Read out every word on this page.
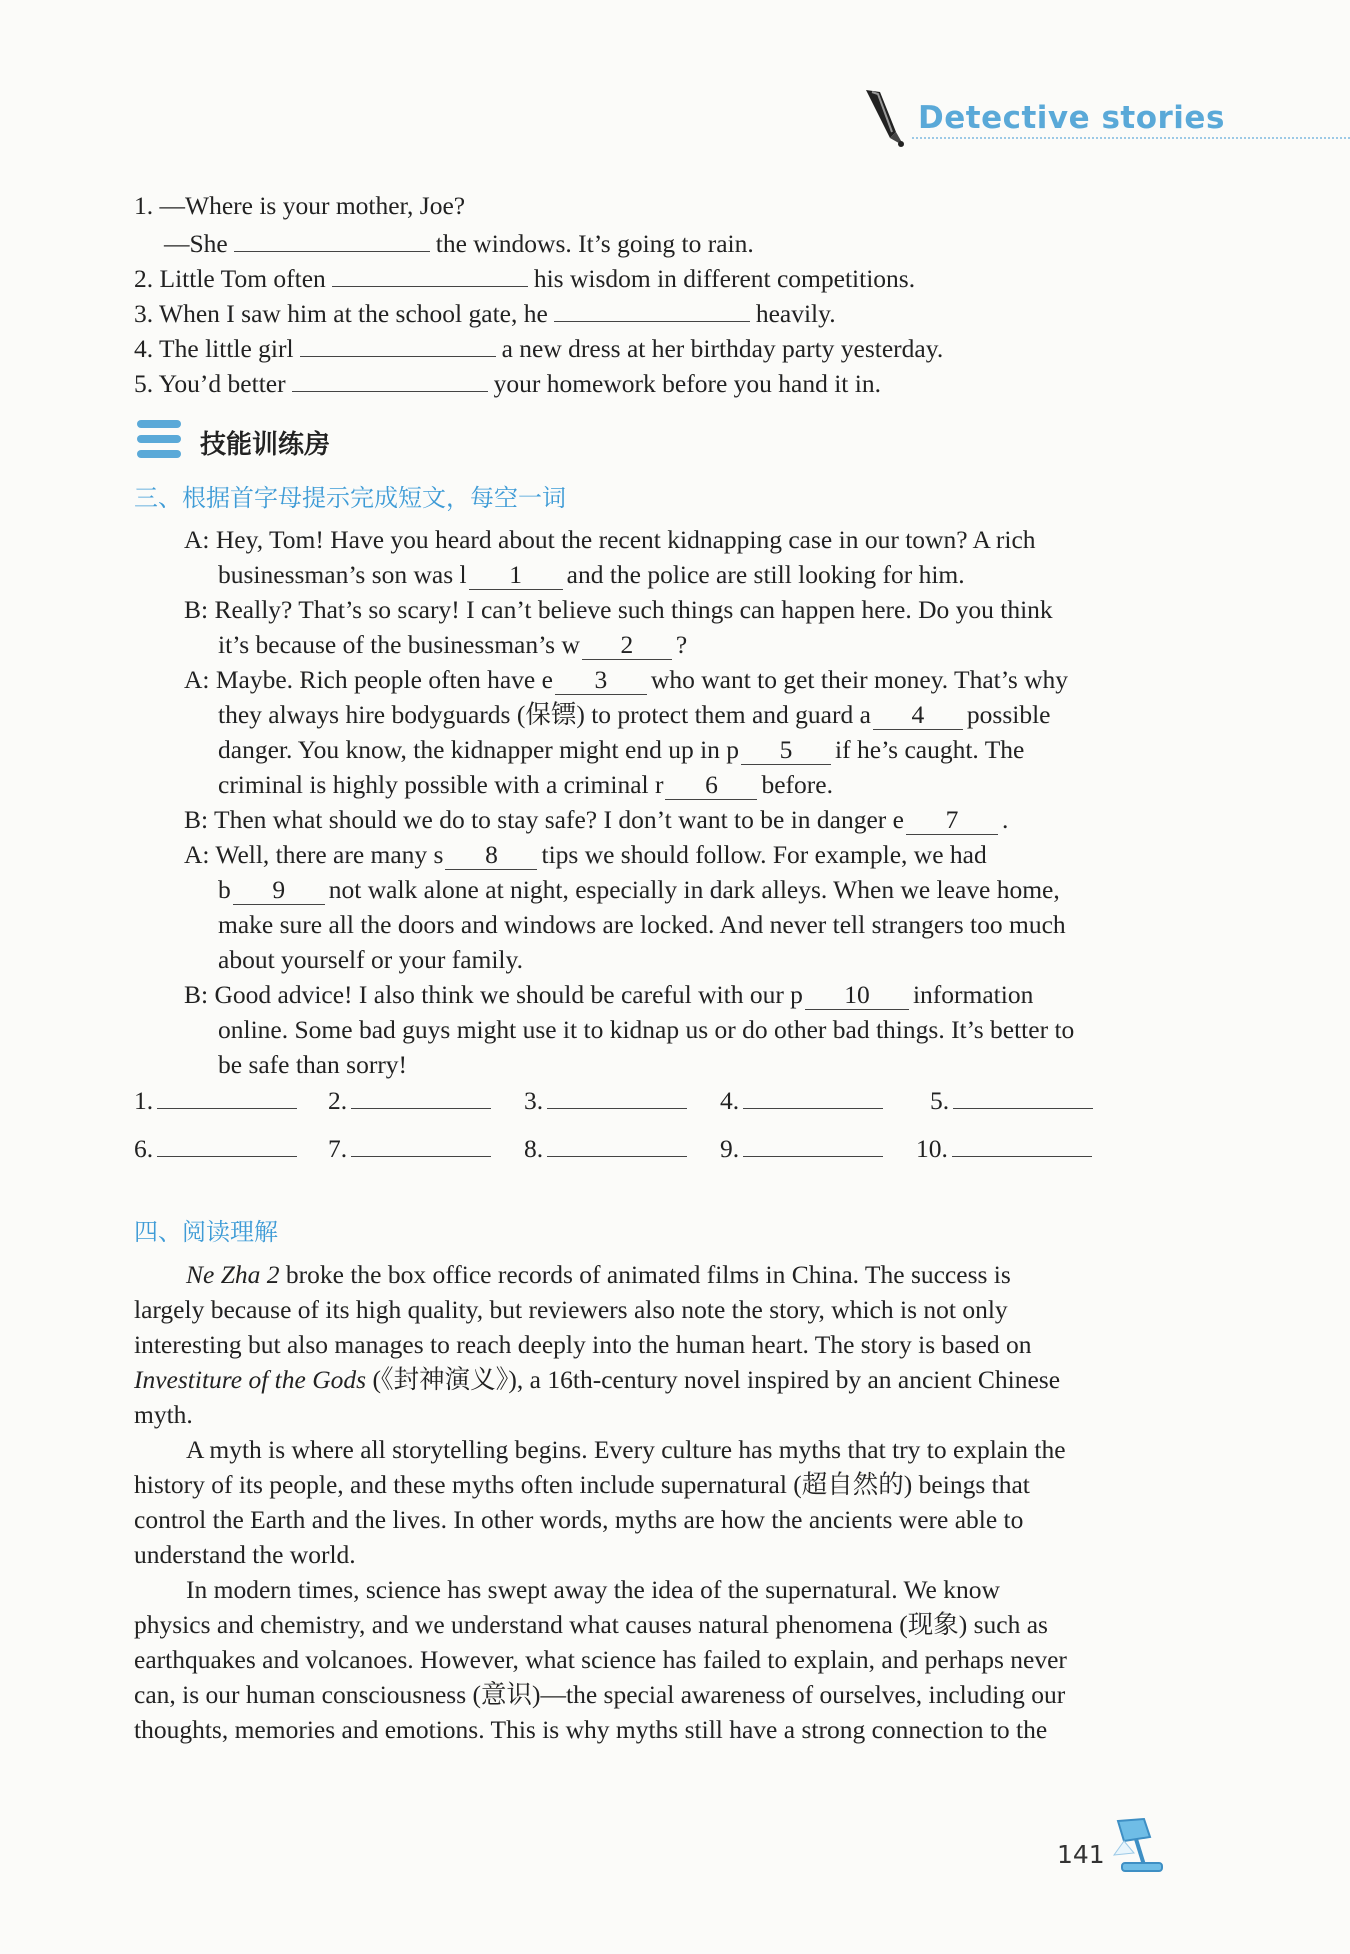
Detective stories
1. —Where is your mother, Joe?
—She	the windows. It’s going to rain.
2. Little Tom often	his wisdom in different competitions.
3. When I saw him at the school gate, he	heavily.
4. The little girl	a new dress at her birthday party yesterday.
5. You’d better	your homework before you hand it in.
技能训练房
三、根据首字母提示完成短文，每空一词

A: Hey, Tom! Have you heard about the recent kidnapping case in our town? A rich

businessman’s son was l 1 and the police are still looking for him.

B: Really? That’s so scary! I can’t believe such things can happen here. Do you think

it’s because of the businessman’s w 2 ?

A: Maybe. Rich people often have e 3 who want to get their money. That’s why

they always hire bodyguards (保镖) to protect them and guard a 4 possible

danger. You know, the kidnapper might end up in p 5 if he’s caught. The

criminal is highly possible with a criminal r 6 before.

B: Then what should we do to stay safe? I don’t want to be in danger e 7 .

A: Well, there are many s 8 tips we should follow. For example, we had

b 9 not walk alone at night, especially in dark alleys. When we leave home,

make sure all the doors and windows are locked. And never tell strangers too much

about yourself or your family.

B: Good advice! I also think we should be careful with our p 10 information

online. Some bad guys might use it to kidnap us or do other bad things. It’s better to

be safe than sorry!

1.	2.	3.	4.	5.
6.	7.	8.	9.	10.
四、阅读理解
Ne Zha 2 broke the box office records of animated films in China. The success is
largely because of its high quality, but reviewers also note the story, which is not only
interesting but also manages to reach deeply into the human heart. The story is based on
Investiture of the Gods (《封神演义》), a 16th-century novel inspired by an ancient Chinese
myth.
A myth is where all storytelling begins. Every culture has myths that try to explain the
history of its people, and these myths often include supernatural (超自然的) beings that
control the Earth and the lives. In other words, myths are how the ancients were able to
understand the world.
In modern times, science has swept away the idea of the supernatural. We know
physics and chemistry, and we understand what causes natural phenomena (现象) such as
earthquakes and volcanoes. However, what science has failed to explain, and perhaps never
can, is our human consciousness (意识)—the special awareness of ourselves, including our
thoughts, memories and emotions. This is why myths still have a strong connection to the
141
